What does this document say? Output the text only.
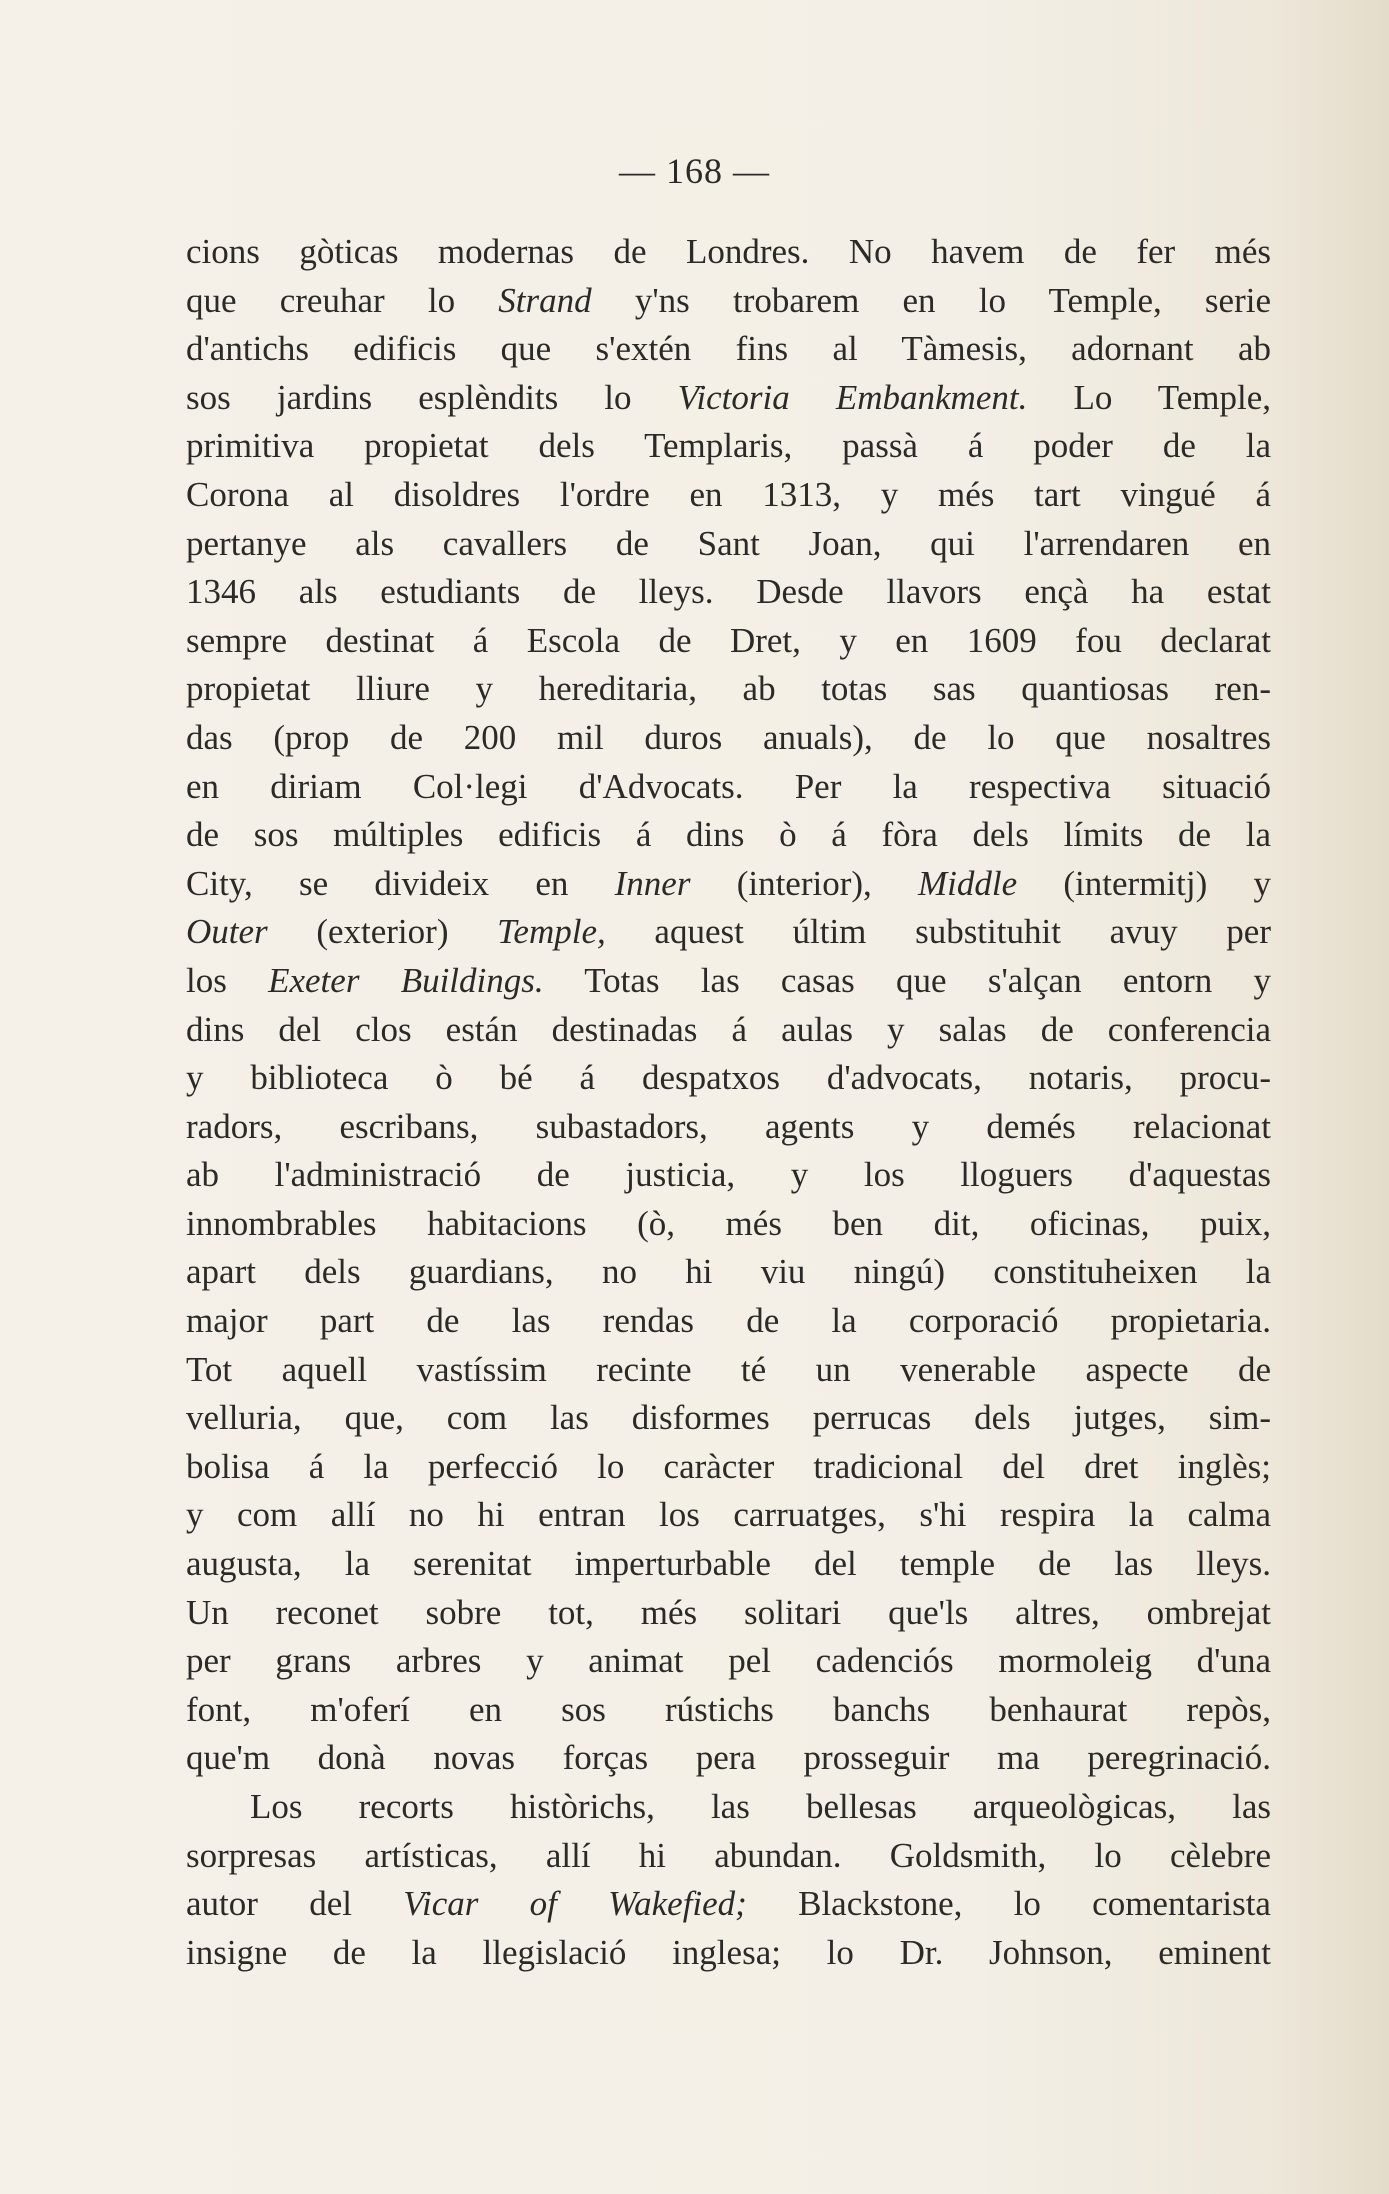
— 168 —
cions gòticas modernas de Londres. No havem de fer més
que creuhar lo Strand y'ns trobarem en lo Temple, serie
d'antichs edificis que s'extén fins al Tàmesis, adornant ab
sos jardins esplèndits lo Victoria Embankment. Lo Temple,
primitiva propietat dels Templaris, passà á poder de la
Corona al disoldres l'ordre en 1313, y més tart vingué á
pertanye als cavallers de Sant Joan, qui l'arrendaren en
1346 als estudiants de lleys. Desde llavors ençà ha estat
sempre destinat á Escola de Dret, y en 1609 fou declarat
propietat lliure y hereditaria, ab totas sas quantiosas ren-
das (prop de 200 mil duros anuals), de lo que nosaltres
en diriam Col·legi d'Advocats. Per la respectiva situació
de sos múltiples edificis á dins ò á fòra dels límits de la
City, se divideix en Inner (interior), Middle (intermitj) y
Outer (exterior) Temple, aquest últim substituhit avuy per
los Exeter Buildings. Totas las casas que s'alçan entorn y
dins del clos están destinadas á aulas y salas de conferencia
y biblioteca ò bé á despatxos d'advocats, notaris, procu-
radors, escribans, subastadors, agents y demés relacionat
ab l'administració de justicia, y los lloguers d'aquestas
innombrables habitacions (ò, més ben dit, oficinas, puix,
apart dels guardians, no hi viu ningú) constituheixen la
major part de las rendas de la corporació propietaria.
Tot aquell vastíssim recinte té un venerable aspecte de
velluria, que, com las disformes perrucas dels jutges, sim-
bolisa á la perfecció lo caràcter tradicional del dret inglès;
y com allí no hi entran los carruatges, s'hi respira la calma
augusta, la serenitat imperturbable del temple de las lleys.
Un reconet sobre tot, més solitari que'ls altres, ombrejat
per grans arbres y animat pel cadenciós mormoleig d'una
font, m'oferí en sos rústichs banchs benhaurat repòs,
que'm donà novas forças pera prosseguir ma peregrinació.
Los recorts històrichs, las bellesas arqueològicas, las
sorpresas artísticas, allí hi abundan. Goldsmith, lo cèlebre
autor del Vicar of Wakefied; Blackstone, lo comentarista
insigne de la llegislació inglesa; lo Dr. Johnson, eminent
